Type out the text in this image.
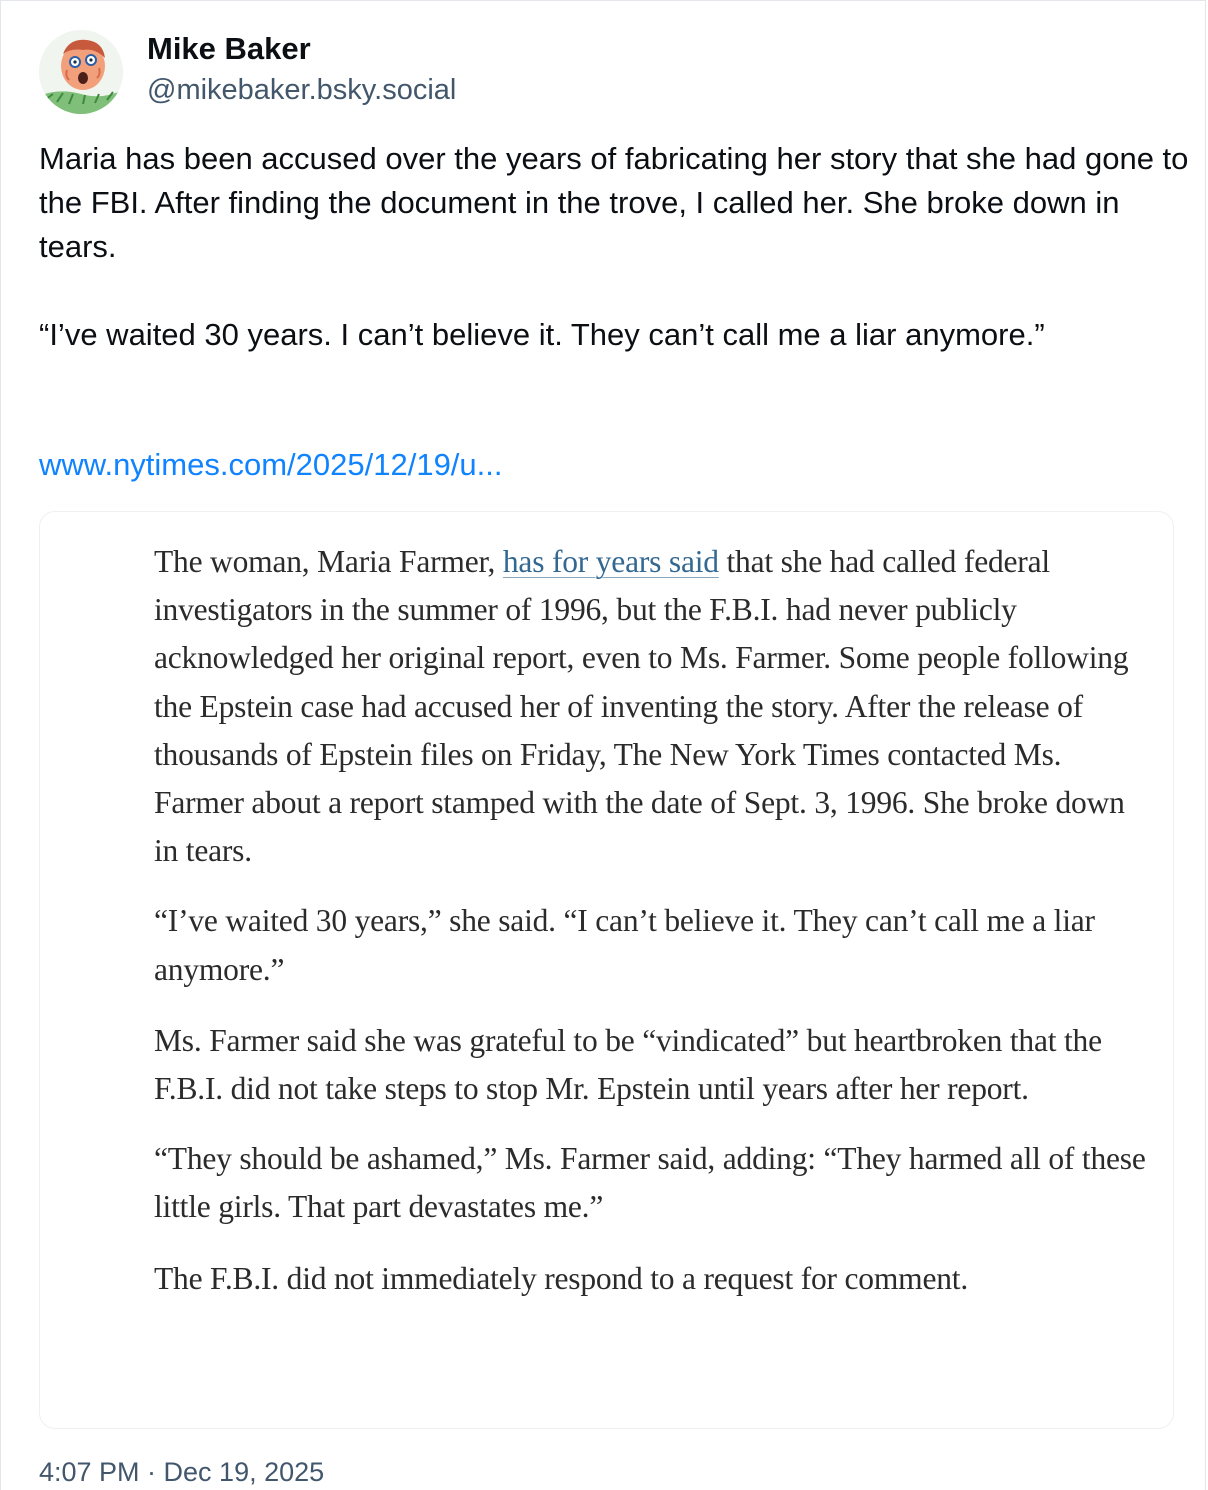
Mike Baker
@mikebaker.bsky.social

Maria has been accused over the years of fabricating her story that she had gone to the FBI. After finding the document in the trove, I called her. She broke down in tears.

“I’ve waited 30 years. I can’t believe it. They can’t call me a liar anymore.”

www.nytimes.com/2025/12/19/u...

The woman, Maria Farmer, has for years said that she had called federal investigators in the summer of 1996, but the F.B.I. had never publicly acknowledged her original report, even to Ms. Farmer. Some people following the Epstein case had accused her of inventing the story. After the release of thousands of Epstein files on Friday, The New York Times contacted Ms. Farmer about a report stamped with the date of Sept. 3, 1996. She broke down in tears.

“I’ve waited 30 years,” she said. “I can’t believe it. They can’t call me a liar anymore.”

Ms. Farmer said she was grateful to be “vindicated” but heartbroken that the F.B.I. did not take steps to stop Mr. Epstein until years after her report.

“They should be ashamed,” Ms. Farmer said, adding: “They harmed all of these little girls. That part devastates me.”

The F.B.I. did not immediately respond to a request for comment.

4:07 PM · Dec 19, 2025
